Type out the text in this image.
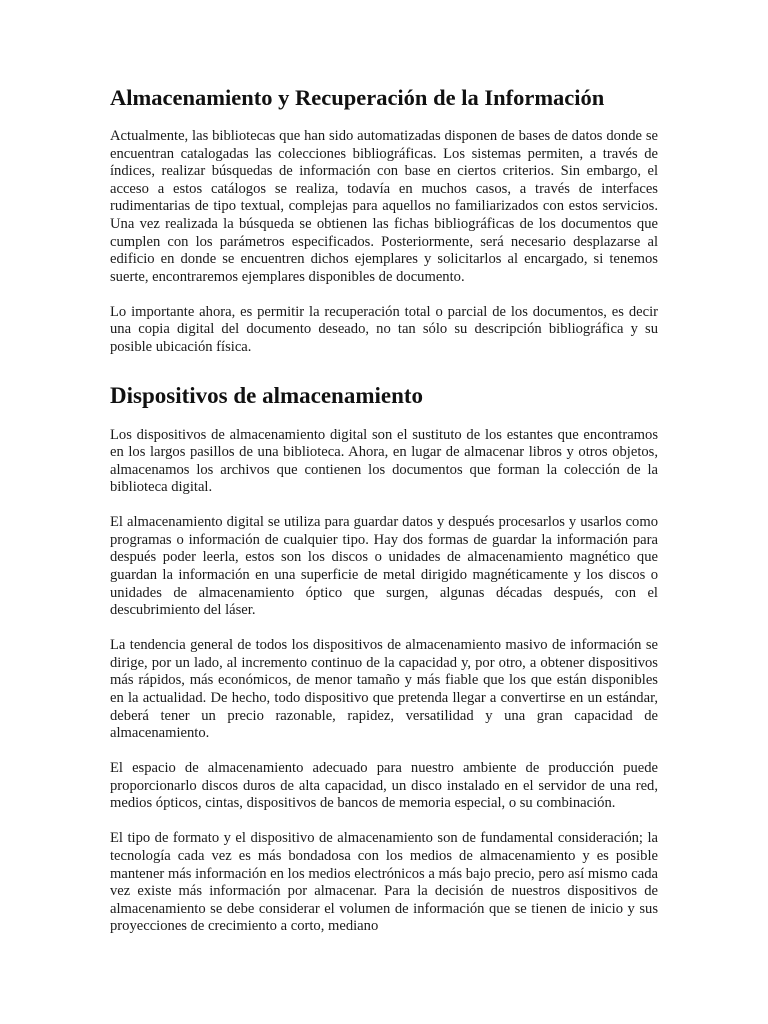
Almacenamiento y Recuperación de la Información

Actualmente, las bibliotecas que han sido automatizadas disponen de bases de datos donde se encuentran catalogadas las colecciones bibliográficas. Los sistemas permiten, a través de índices, realizar búsquedas de información con base en ciertos criterios. Sin embargo, el acceso a estos catálogos se realiza, todavía en muchos casos, a través de interfaces rudimentarias de tipo textual, complejas para aquellos no familiarizados con estos servicios. Una vez realizada la búsqueda se obtienen las fichas bibliográficas de los documentos que cumplen con los parámetros especificados. Posteriormente, será necesario desplazarse al edificio en donde se encuentren dichos ejemplares y solicitarlos al encargado, si tenemos suerte, encontraremos ejemplares disponibles de documento.

Lo importante ahora, es permitir la recuperación total o parcial de los documentos, es decir una copia digital del documento deseado, no tan sólo su descripción bibliográfica y su posible ubicación física.

Dispositivos de almacenamiento

Los dispositivos de almacenamiento digital son el sustituto de los estantes que encontramos en los largos pasillos de una biblioteca. Ahora, en lugar de almacenar libros y otros objetos, almacenamos los archivos que contienen los documentos que forman la colección de la biblioteca digital.

El almacenamiento digital se utiliza para guardar datos y después procesarlos y usarlos como programas o información de cualquier tipo. Hay dos formas de guardar la información para después poder leerla, estos son los discos o unidades de almacenamiento magnético que guardan la información en una superficie de metal dirigido magnéticamente y los discos o unidades de almacenamiento óptico que surgen, algunas décadas después, con el descubrimiento del láser.

La tendencia general de todos los dispositivos de almacenamiento masivo de información se dirige, por un lado, al incremento continuo de la capacidad y, por otro, a obtener dispositivos más rápidos, más económicos, de menor tamaño y más fiable que los que están disponibles en la actualidad. De hecho, todo dispositivo que pretenda llegar a convertirse en un estándar, deberá tener un precio razonable, rapidez, versatilidad y una gran capacidad de almacenamiento.

El espacio de almacenamiento adecuado para nuestro ambiente de producción puede proporcionarlo discos duros de alta capacidad, un disco instalado en el servidor de una red, medios ópticos, cintas, dispositivos de bancos de memoria especial, o su combinación.

El tipo de formato y el dispositivo de almacenamiento son de fundamental consideración; la tecnología cada vez es más bondadosa con los medios de almacenamiento y es posible mantener más información en los medios electrónicos a más bajo precio, pero así mismo cada vez existe más información por almacenar. Para la decisión de nuestros dispositivos de almacenamiento se debe considerar el volumen de información que se tienen de inicio y sus proyecciones de crecimiento a corto, mediano
